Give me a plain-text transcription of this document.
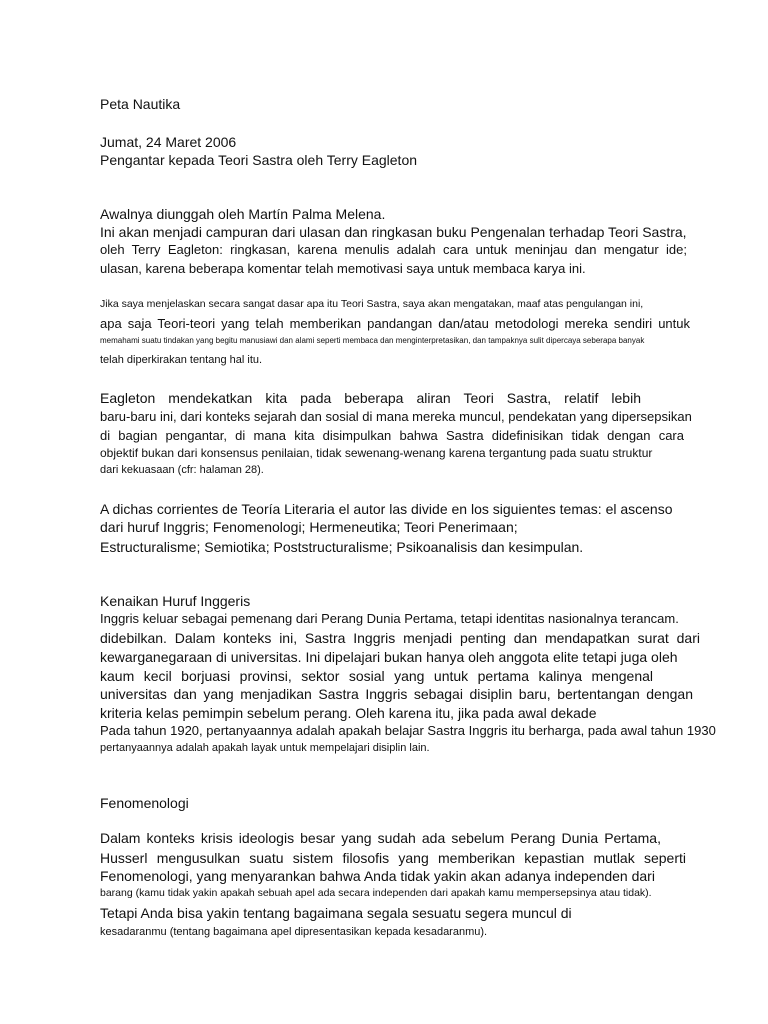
Peta Nautika

Jumat, 24 Maret 2006

Pengantar kepada Teori Sastra oleh Terry Eagleton

Awalnya diunggah oleh Martín Palma Melena.

Ini akan menjadi campuran dari ulasan dan ringkasan buku Pengenalan terhadap Teori Sastra,

oleh Terry Eagleton: ringkasan, karena menulis adalah cara untuk meninjau dan mengatur ide;

ulasan, karena beberapa komentar telah memotivasi saya untuk membaca karya ini.

Jika saya menjelaskan secara sangat dasar apa itu Teori Sastra, saya akan mengatakan, maaf atas pengulangan ini,

apa saja Teori-teori yang telah memberikan pandangan dan/atau metodologi mereka sendiri untuk

memahami suatu tindakan yang begitu manusiawi dan alami seperti membaca dan menginterpretasikan, dan tampaknya sulit dipercaya seberapa banyak

telah diperkirakan tentang hal itu.

Eagleton mendekatkan kita pada beberapa aliran Teori Sastra, relatif lebih

baru-baru ini, dari konteks sejarah dan sosial di mana mereka muncul, pendekatan yang dipersepsikan

di bagian pengantar, di mana kita disimpulkan bahwa Sastra didefinisikan tidak dengan cara

objektif bukan dari konsensus penilaian, tidak sewenang-wenang karena tergantung pada suatu struktur

dari kekuasaan (cfr: halaman 28).

A dichas corrientes de Teoría Literaria el autor las divide en los siguientes temas: el ascenso

dari huruf Inggris; Fenomenologi; Hermeneutika; Teori Penerimaan;

Estructuralisme; Semiotika; Poststructuralisme; Psikoanalisis dan kesimpulan.

Kenaikan Huruf Inggeris

Inggris keluar sebagai pemenang dari Perang Dunia Pertama, tetapi identitas nasionalnya terancam.

didebilkan. Dalam konteks ini, Sastra Inggris menjadi penting dan mendapatkan surat dari

kewarganegaraan di universitas. Ini dipelajari bukan hanya oleh anggota elite tetapi juga oleh

kaum kecil borjuasi provinsi, sektor sosial yang untuk pertama kalinya mengenal

universitas dan yang menjadikan Sastra Inggris sebagai disiplin baru, bertentangan dengan

kriteria kelas pemimpin sebelum perang. Oleh karena itu, jika pada awal dekade

Pada tahun 1920, pertanyaannya adalah apakah belajar Sastra Inggris itu berharga, pada awal tahun 1930

pertanyaannya adalah apakah layak untuk mempelajari disiplin lain.

Fenomenologi

Dalam konteks krisis ideologis besar yang sudah ada sebelum Perang Dunia Pertama,

Husserl mengusulkan suatu sistem filosofis yang memberikan kepastian mutlak seperti

Fenomenologi, yang menyarankan bahwa Anda tidak yakin akan adanya independen dari

barang (kamu tidak yakin apakah sebuah apel ada secara independen dari apakah kamu mempersepsinya atau tidak).

Tetapi Anda bisa yakin tentang bagaimana segala sesuatu segera muncul di

kesadaranmu (tentang bagaimana apel dipresentasikan kepada kesadaranmu).
